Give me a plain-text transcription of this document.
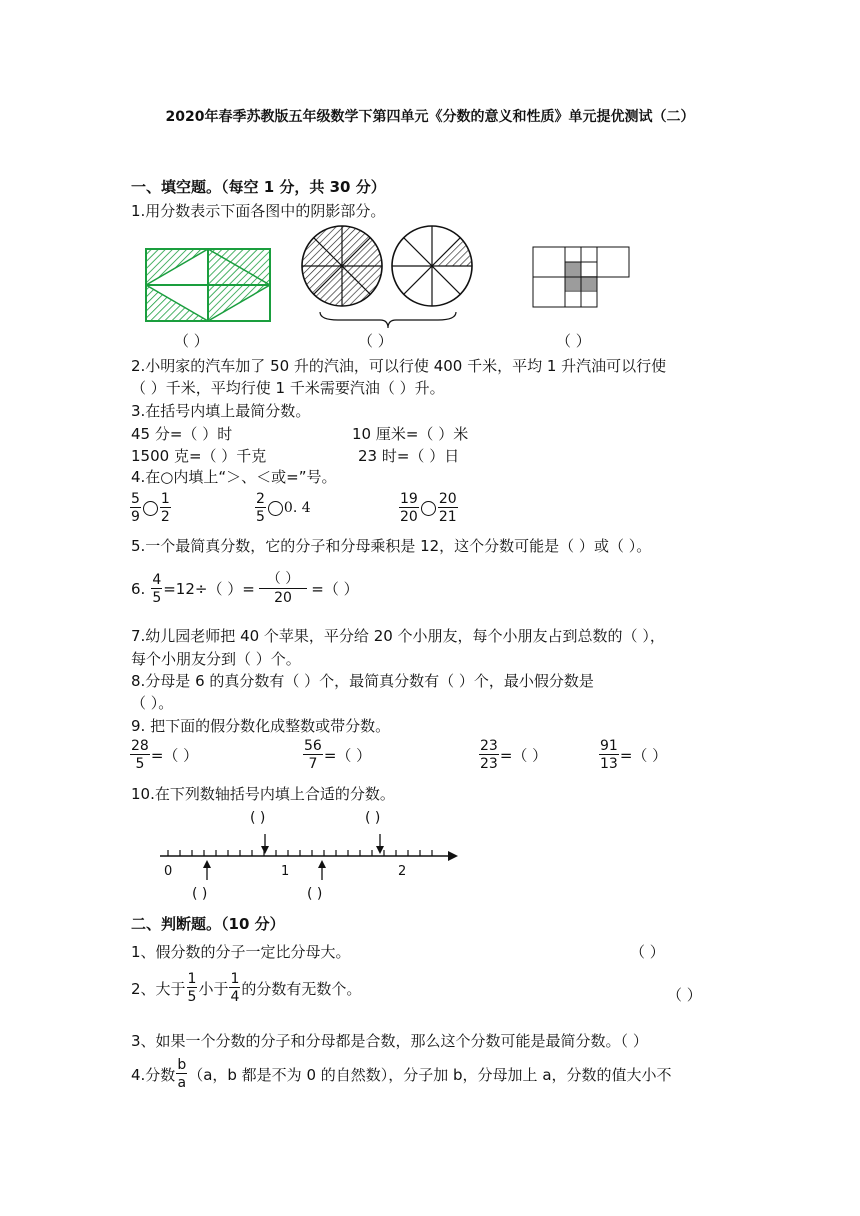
2020年春季苏教版五年级数学下第四单元《分数的意义和性质》单元提优测试（二）
一、填空题。（每空 1 分，共 30 分）
1.用分数表示下面各图中的阴影部分。
（ ）	（ ）	（ ）
2.小明家的汽车加了 50 升的汽油，可以行使 400 千米，平均 1 升汽油可以行使
（ ）千米，平均行使 1 千米需要汽油（ ）升。
3.在括号内填上最简分数。
45 分=（ ）时	10 厘米=（ ）米
1500 克=（ ）千克	23 时=（ ）日
4.在○内填上“＞、＜或=”号。
$\frac{5}{9} \frac{1}{2}$	$\frac{2}{5} 0$. 4	$\frac{19}{20} \frac{20}{21}$
5.一个最简真分数，它的分子和分母乘积是 12，这个分数可能是（ ）或（ ）。
6. $\frac{4}{5} =12\div$（ ）= $\frac{( )}{20}$ =（ ）
7.幼儿园老师把 40 个苹果，平分给 20 个小朋友，每个小朋友占到总数的（ ），
每个小朋友分到（ ）个。
8.分母是 6 的真分数有（ ）个，最简真分数有（ ）个，最小假分数是
（ ）。
9. 把下面的假分数化成整数或带分数。
$\frac{28}{5}$ =（ ）	$\frac{56}{7}$ =（ ）	$\frac{23}{23}$ =（ ）	$\frac{91}{13}$ =（ ）
10.在下列数轴括号内填上合适的分数。
0	1	2
( )	( )
( )	( )
二、判断题。（10 分）
1、假分数的分子一定比分母大。	（ ）
2、大于 $\frac{1}{5}$ 小于 $\frac{1}{4}$ 的分数有无数个。	（ ）
3、如果一个分数的分子和分母都是合数，那么这个分数可能是最简分数。（ ）
4.分数 $\frac{b}{a} (a$，b 都是不为 0 的自然数），分子加 b，分母加上 a，分数的值大小不
